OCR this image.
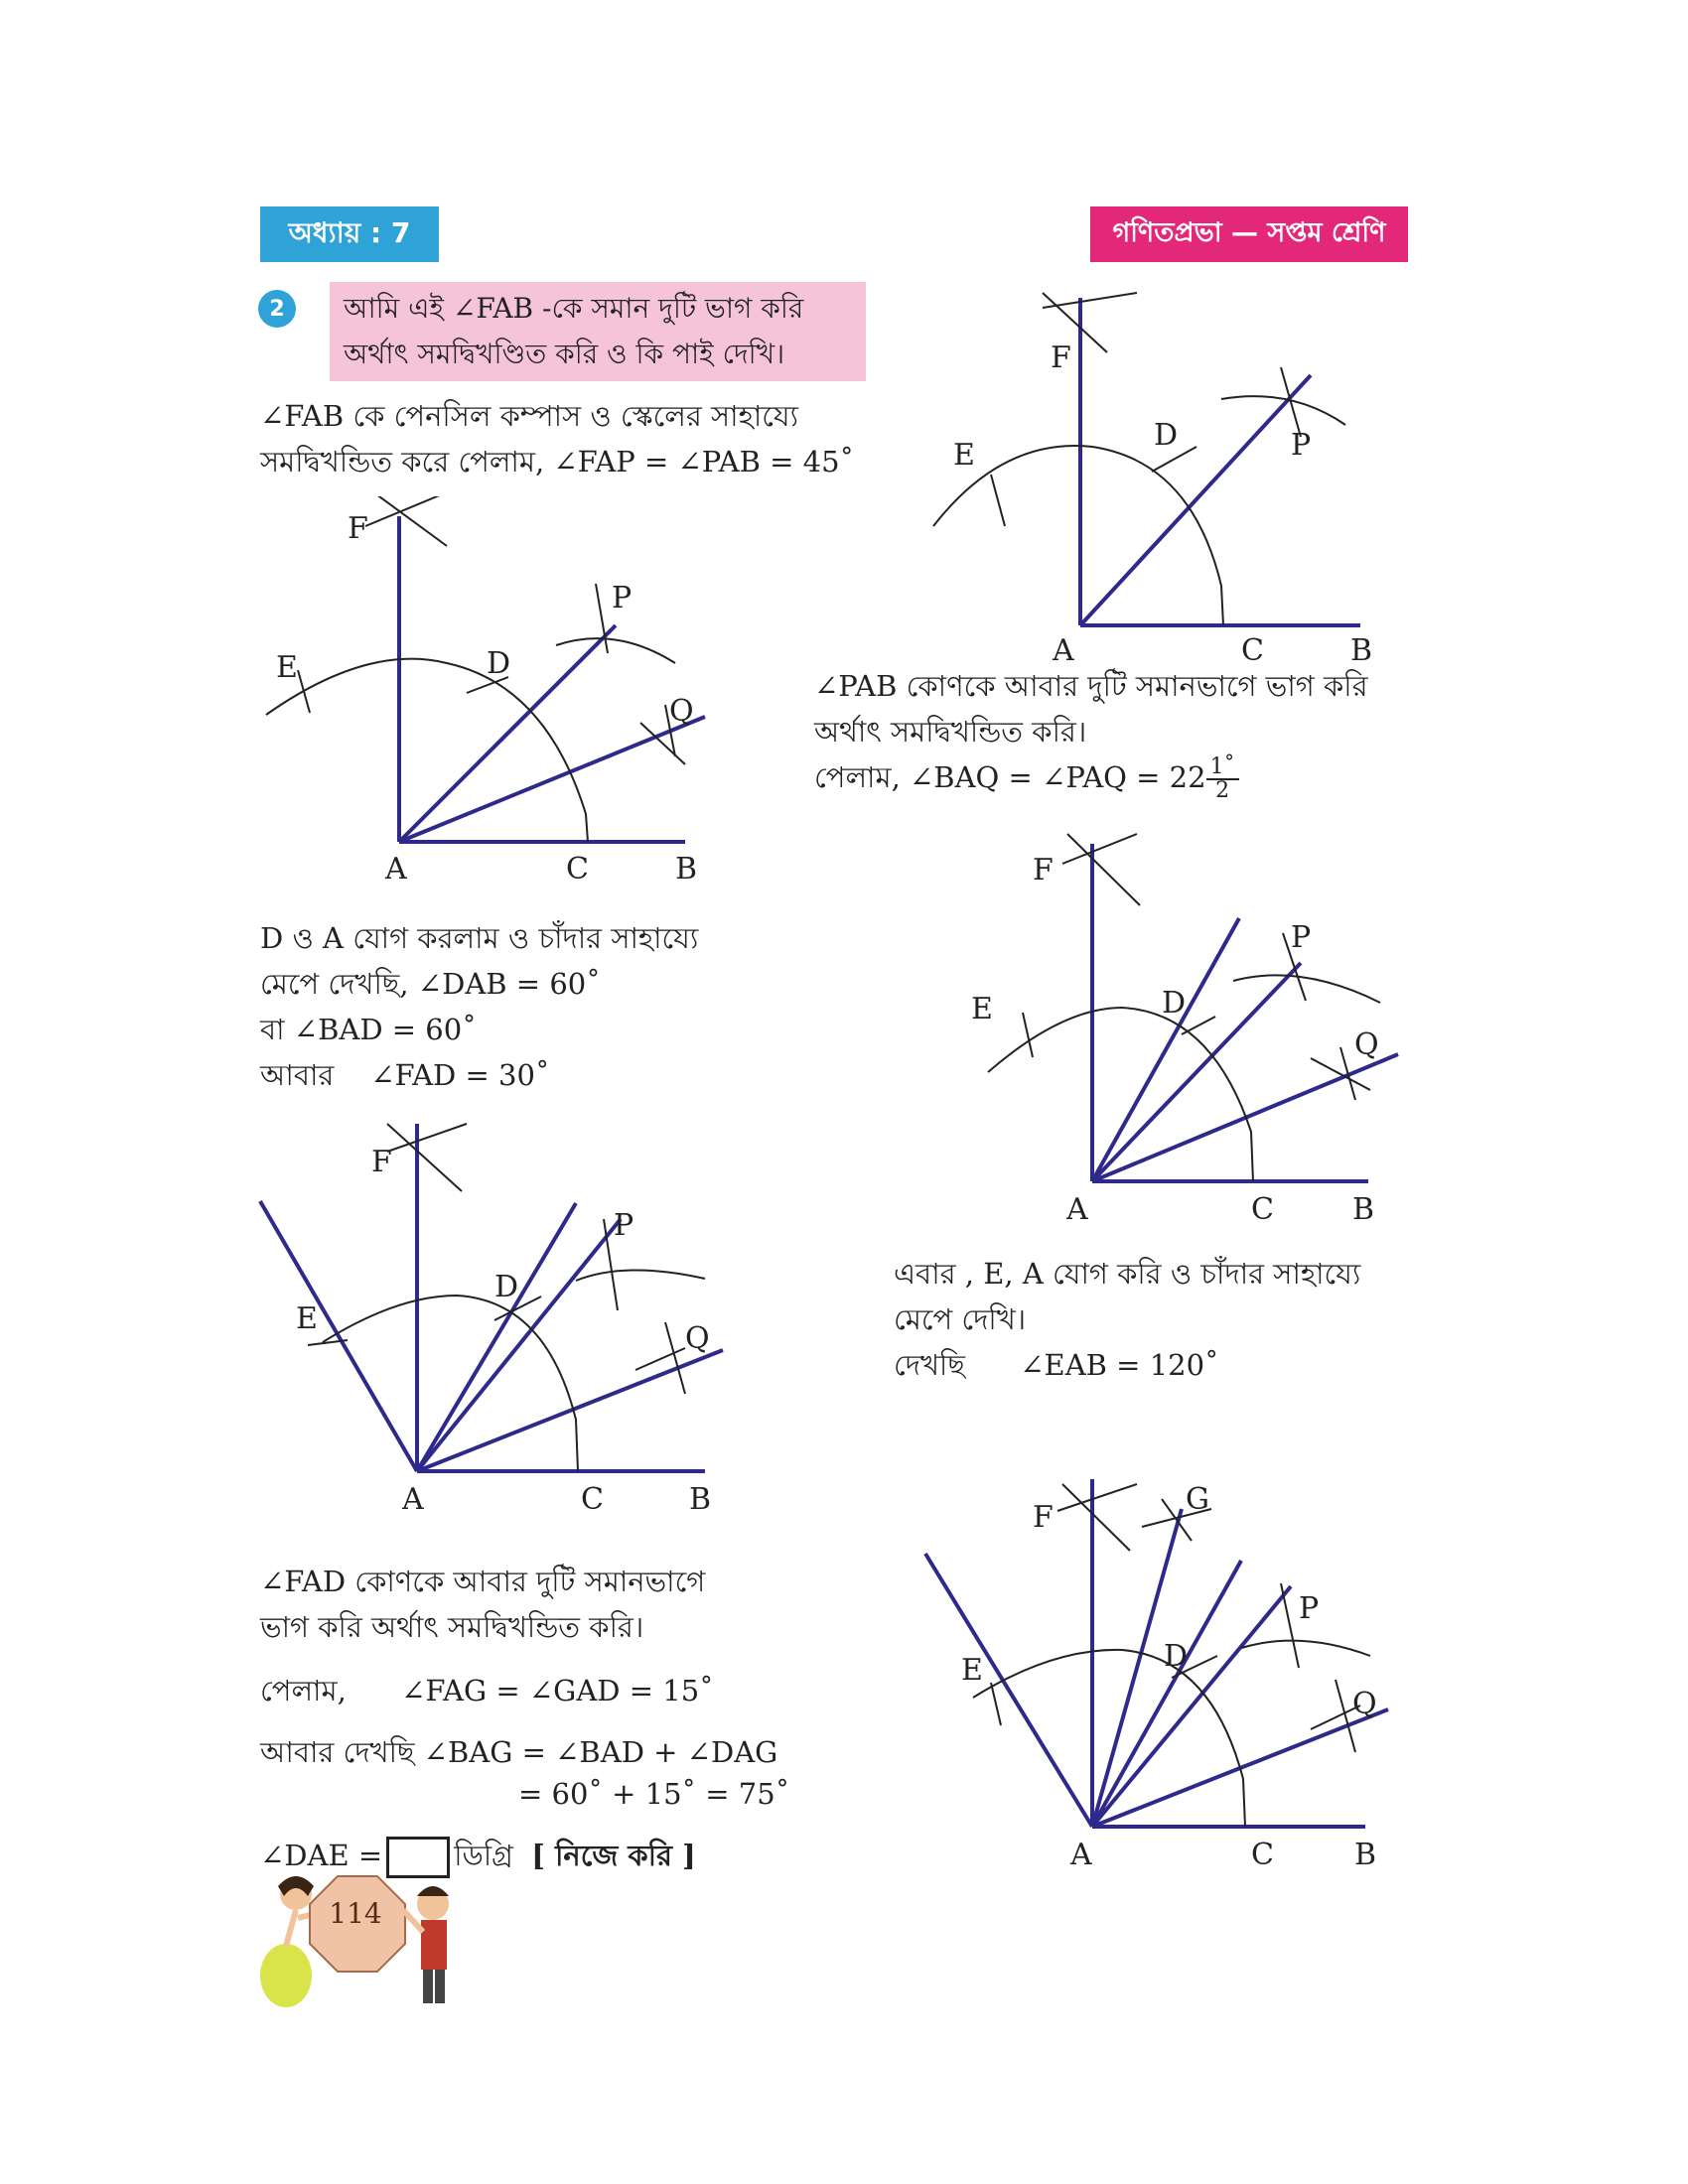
অধ্যায় : 7	গণিতপ্রভা — সপ্তম শ্রেণি
2	আমি এই ∠FAB -কে সমান দুটি ভাগ করি
অর্থাৎ সমদ্বিখণ্ডিত করি ও কি পাই দেখি।
∠FAB কে পেনসিল কম্পাস ও স্কেলের সাহায্যে
সমদ্বিখন্ডিত করে পেলাম, ∠FAP = ∠PAB = 45˚
D ও A যোগ করলাম ও চাঁদার সাহায্যে
মেপে দেখছি, ∠DAB = 60˚
বা ∠BAD = 60˚
আবার ∠FAD = 30˚
∠FAD কোণকে আবার দুটি সমানভাগে
ভাগ করি অর্থাৎ সমদ্বিখন্ডিত করি।
পেলাম, ∠FAG = ∠GAD = 15˚
আবার দেখছি ∠BAG = ∠BAD + ∠DAG
= 60˚ + 15˚ = 75˚
∠DAE = ডিগ্রি [ নিজে করি ]
∠PAB কোণকে আবার দুটি সমানভাগে ভাগ করি
অর্থাৎ সমদ্বিখন্ডিত করি।
পেলাম, ∠BAQ = ∠PAQ = $22 \frac{1˚}{2}$
এবার , E, A যোগ করি ও চাঁদার সাহায্যে
মেপে দেখি।
দেখছি ∠EAB = 120˚
A	C	B
D
E
F
P
Q
A	C	B
D
E
F
P
A	C	B
D
E
F
P
Q
A	C	B
D
E
F
P
Q
A	C	B
D
E
F
G
P
Q
114
